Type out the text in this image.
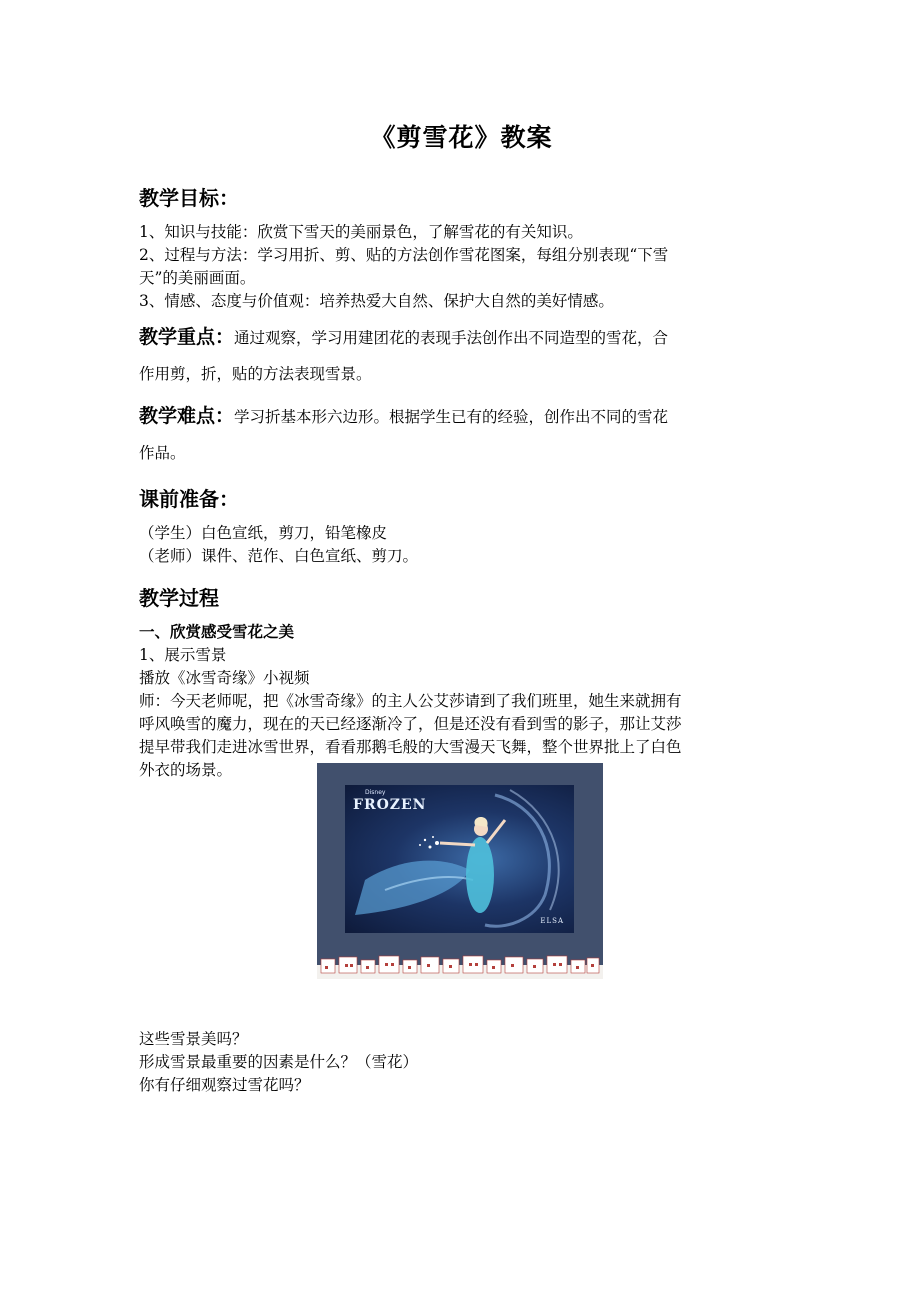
《剪雪花》教案
教学目标：
1、知识与技能：欣赏下雪天的美丽景色，了解雪花的有关知识。
2、过程与方法：学习用折、剪、贴的方法创作雪花图案，每组分别表现“下雪
天”的美丽画面。
3、情感、态度与价值观：培养热爱大自然、保护大自然的美好情感。
教学重点：通过观察，学习用建团花的表现手法创作出不同造型的雪花，合
作用剪，折，贴的方法表现雪景。
教学难点：学习折基本形六边形。根据学生已有的经验，创作出不同的雪花
作品。
课前准备：
（学生）白色宣纸，剪刀，铅笔橡皮
（老师）课件、范作、白色宣纸、剪刀。
教学过程
一、欣赏感受雪花之美
1、展示雪景
播放《冰雪奇缘》小视频
师：今天老师呢，把《冰雪奇缘》的主人公艾莎请到了我们班里，她生来就拥有
呼风唤雪的魔力，现在的天已经逐渐冷了，但是还没有看到雪的影子，那让艾莎
提早带我们走进冰雪世界，看看那鹅毛般的大雪漫天飞舞，整个世界批上了白色
外衣的场景。
Disney
FROZEN
ELSA
这些雪景美吗？
形成雪景最重要的因素是什么？（雪花）
你有仔细观察过雪花吗？
